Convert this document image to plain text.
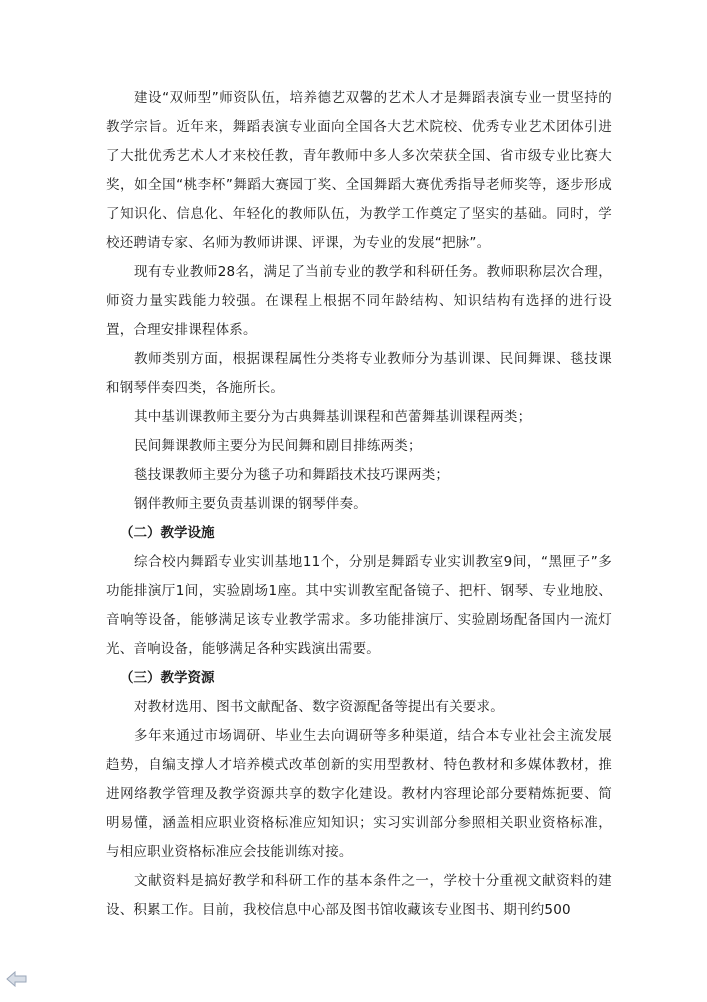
建设“双师型”师资队伍，培养德艺双馨的艺术人才是舞蹈表演专业一贯坚持的教学宗旨。近年来，舞蹈表演专业面向全国各大艺术院校、优秀专业艺术团体引进了大批优秀艺术人才来校任教，青年教师中多人多次荣获全国、省市级专业比赛大奖，如全国“桃李杯”舞蹈大赛园丁奖、全国舞蹈大赛优秀指导老师奖等，逐步形成了知识化、信息化、年轻化的教师队伍，为教学工作奠定了坚实的基础。同时，学校还聘请专家、名师为教师讲课、评课，为专业的发展“把脉”。

现有专业教师28名，满足了当前专业的教学和科研任务。教师职称层次合理，师资力量实践能力较强。在课程上根据不同年龄结构、知识结构有选择的进行设置，合理安排课程体系。

教师类别方面，根据课程属性分类将专业教师分为基训课、民间舞课、毯技课和钢琴伴奏四类，各施所长。

其中基训课教师主要分为古典舞基训课程和芭蕾舞基训课程两类；

民间舞课教师主要分为民间舞和剧目排练两类；

毯技课教师主要分为毯子功和舞蹈技术技巧课两类；

钢伴教师主要负责基训课的钢琴伴奏。

（二）教学设施

综合校内舞蹈专业实训基地11个，分别是舞蹈专业实训教室9间，“黑匣子”多功能排演厅1间，实验剧场1座。其中实训教室配备镜子、把杆、钢琴、专业地胶、音响等设备，能够满足该专业教学需求。多功能排演厅、实验剧场配备国内一流灯光、音响设备，能够满足各种实践演出需要。

（三）教学资源

对教材选用、图书文献配备、数字资源配备等提出有关要求。

多年来通过市场调研、毕业生去向调研等多种渠道，结合本专业社会主流发展趋势，自编支撑人才培养模式改革创新的实用型教材、特色教材和多媒体教材，推进网络教学管理及教学资源共享的数字化建设。教材内容理论部分要精炼扼要、简明易懂，涵盖相应职业资格标准应知知识；实习实训部分参照相关职业资格标准，与相应职业资格标准应会技能训练对接。

文献资料是搞好教学和科研工作的基本条件之一，学校十分重视文献资料的建设、积累工作。目前，我校信息中心部及图书馆收藏该专业图书、期刊约500
